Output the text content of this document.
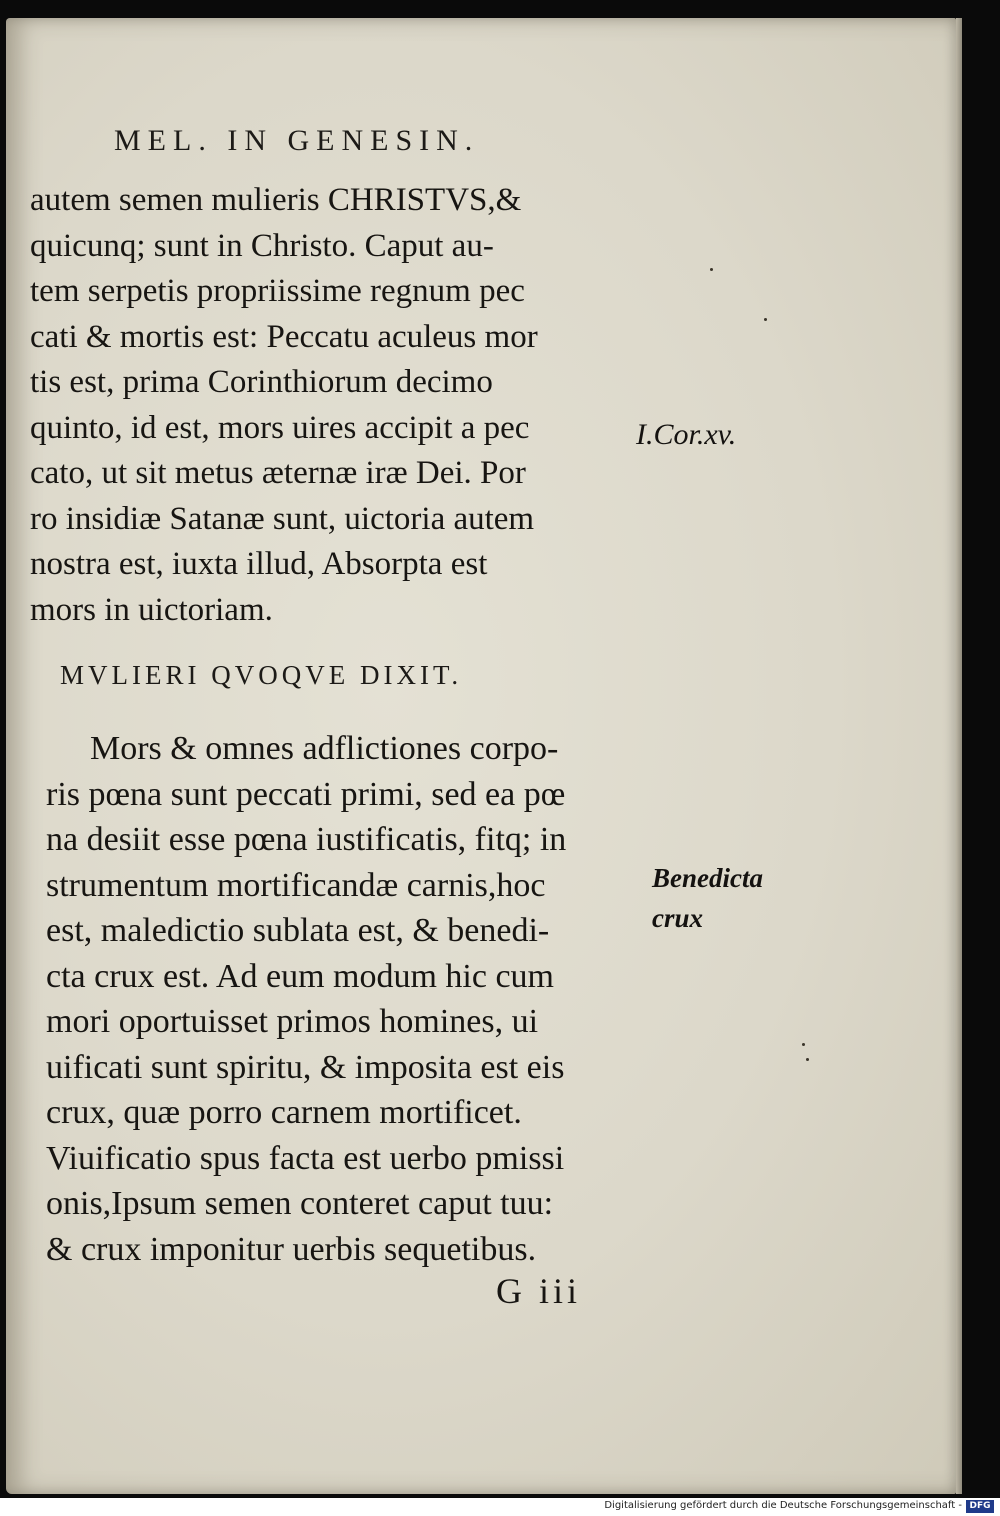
MEL. IN GENESIN.
autem semen mulieris CHRISTVS,&
quicunq; sunt in Christo. Caput au-
tem serpetis propriissime regnum pec
cati & mortis est: Peccatu aculeus mor
tis est, prima Corinthiorum decimo
quinto, id est, mors uires accipit a pec
cato, ut sit metus æternæ iræ Dei. Por
ro insidiæ Satanæ sunt, uictoria autem
nostra est, iuxta illud, Absorpta est
mors in uictoriam.
MVLIERI QVOQVE DIXIT.
Mors & omnes adflictiones corpo-
ris pœna sunt peccati primi, sed ea pœ
na desiit esse pœna iustificatis, fitq; in
strumentum mortificandæ carnis,hoc
est, maledictio sublata est, & benedi-
cta crux est. Ad eum modum hic cum
mori oportuisset primos homines, ui
uificati sunt spiritu, & imposita est eis
crux, quæ porro carnem mortificet.
Viuificatio spus facta est uerbo pmissi
onis,Ipsum semen conteret caput tuu:
& crux imponitur uerbis sequetibus.
I.Cor.xv.
Benedicta
crux
G iii
Digitalisierung gefördert durch die Deutsche Forschungsgemeinschaft - DFG
